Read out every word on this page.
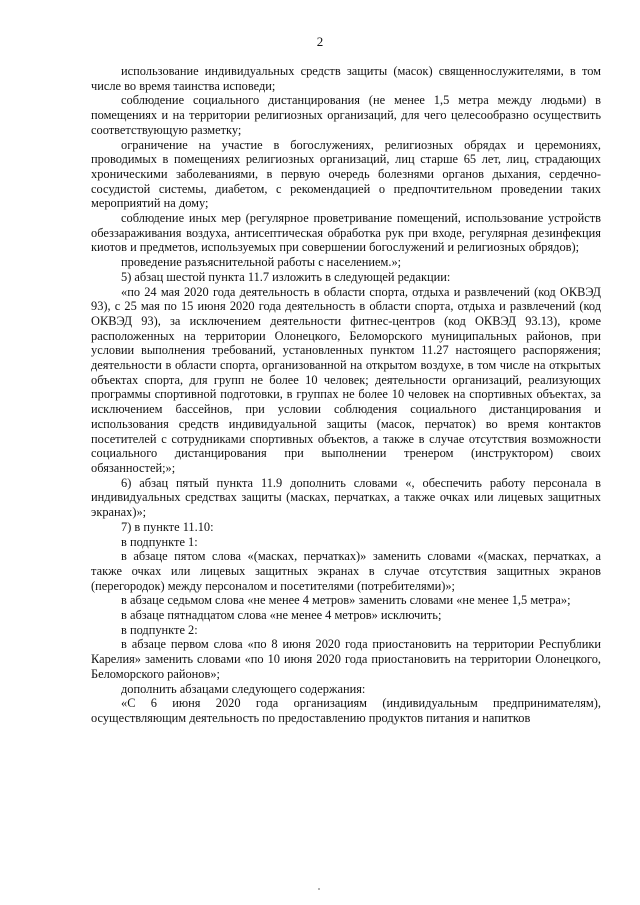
2

использование индивидуальных средств защиты (масок) священнослужителями, в том числе во время таинства исповеди;

соблюдение социального дистанцирования (не менее 1,5 метра между людьми) в помещениях и на территории религиозных организаций, для чего целесообразно осуществить соответствующую разметку;

ограничение на участие в богослужениях, религиозных обрядах и церемониях, проводимых в помещениях религиозных организаций, лиц старше 65 лет, лиц, страдающих хроническими заболеваниями, в первую очередь болезнями органов дыхания, сердечно-сосудистой системы, диабетом, с рекомендацией о предпочтительном проведении таких мероприятий на дому;

соблюдение иных мер (регулярное проветривание помещений, использование устройств обеззараживания воздуха, антисептическая обработка рук при входе, регулярная дезинфекция киотов и предметов, используемых при совершении богослужений и религиозных обрядов);

проведение разъяснительной работы с населением.»;

5) абзац шестой пункта 11.7 изложить в следующей редакции:

«по 24 мая 2020 года деятельность в области спорта, отдыха и развлечений (код ОКВЭД 93), с 25 мая по 15 июня 2020 года деятельность в области спорта, отдыха и развлечений (код ОКВЭД 93), за исключением деятельности фитнес-центров (код ОКВЭД 93.13), кроме расположенных на территории Олонецкого, Беломорского муниципальных районов, при условии выполнения требований, установленных пунктом 11.27 настоящего распоряжения; деятельности в области спорта, организованной на открытом воздухе, в том числе на открытых объектах спорта, для групп не более 10 человек; деятельности организаций, реализующих программы спортивной подготовки, в группах не более 10 человек на спортивных объектах, за исключением бассейнов, при условии соблюдения социального дистанцирования и использования средств индивидуальной защиты (масок, перчаток) во время контактов посетителей с сотрудниками спортивных объектов, а также в случае отсутствия возможности социального дистанцирования при выполнении тренером (инструктором) своих обязанностей;»;

6) абзац пятый пункта 11.9 дополнить словами «, обеспечить работу персонала в индивидуальных средствах защиты (масках, перчатках, а также очках или лицевых защитных экранах)»;

7) в пункте 11.10:

в подпункте 1:

в абзаце пятом слова «(масках, перчатках)» заменить словами «(масках, перчатках, а также очках или лицевых защитных экранах в случае отсутствия защитных экранов (перегородок) между персоналом и посетителями (потребителями)»;

в абзаце седьмом слова «не менее 4 метров» заменить словами «не менее 1,5 метра»;

в абзаце пятнадцатом слова «не менее 4 метров» исключить;

в подпункте 2:

в абзаце первом слова «по 8 июня 2020 года приостановить на территории Республики Карелия» заменить словами «по 10 июня 2020 года приостановить на территории Олонецкого, Беломорского районов»;

дополнить абзацами следующего содержания:

«С 6 июня 2020 года организациям (индивидуальным предпринимателям), осуществляющим деятельность по предоставлению продуктов питания и напитков
